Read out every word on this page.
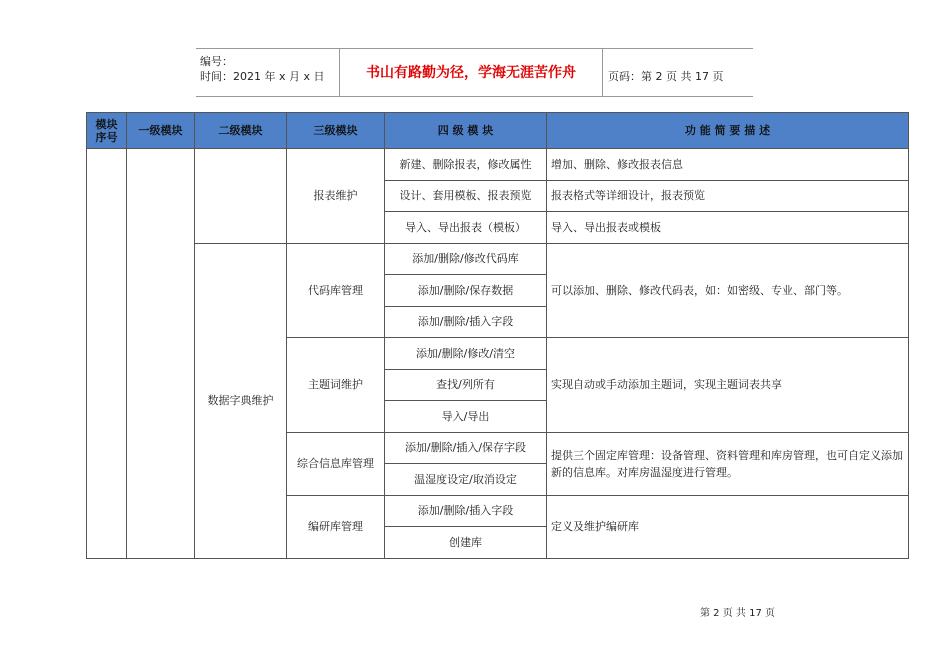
编号：
时间：2021 年 x 月 x 日	书山有路勤为径，学海无涯苦作舟	页码：第 2 页 共 17 页
模块序号	一级模块	二级模块	三级模块	四 级 模 块	功 能 简 要 描 述
			报表维护	新建、删除报表，修改属性	增加、删除、修改报表信息
				设计、套用模板、报表预览	报表格式等详细设计，报表预览
				导入、导出报表（模板）	导入、导出报表或模板
		数据字典维护	代码库管理	添加/删除/修改代码库	可以添加、删除、修改代码表，如：如密级、专业、部门等。
				添加/删除/保存数据	
				添加/删除/插入字段	
			主题词维护	添加/删除/修改/清空	实现自动或手动添加主题词，实现主题词表共享
				查找/列所有	
				导入/导出	
			综合信息库管理	添加/删除/插入/保存字段	提供三个固定库管理：设备管理、资料管理和库房管理，也可自定义添加新的信息库。对库房温湿度进行管理。
				温湿度设定/取消设定	
			编研库管理	添加/删除/插入字段	定义及维护编研库
				创建库	
第 2 页 共 17 页
